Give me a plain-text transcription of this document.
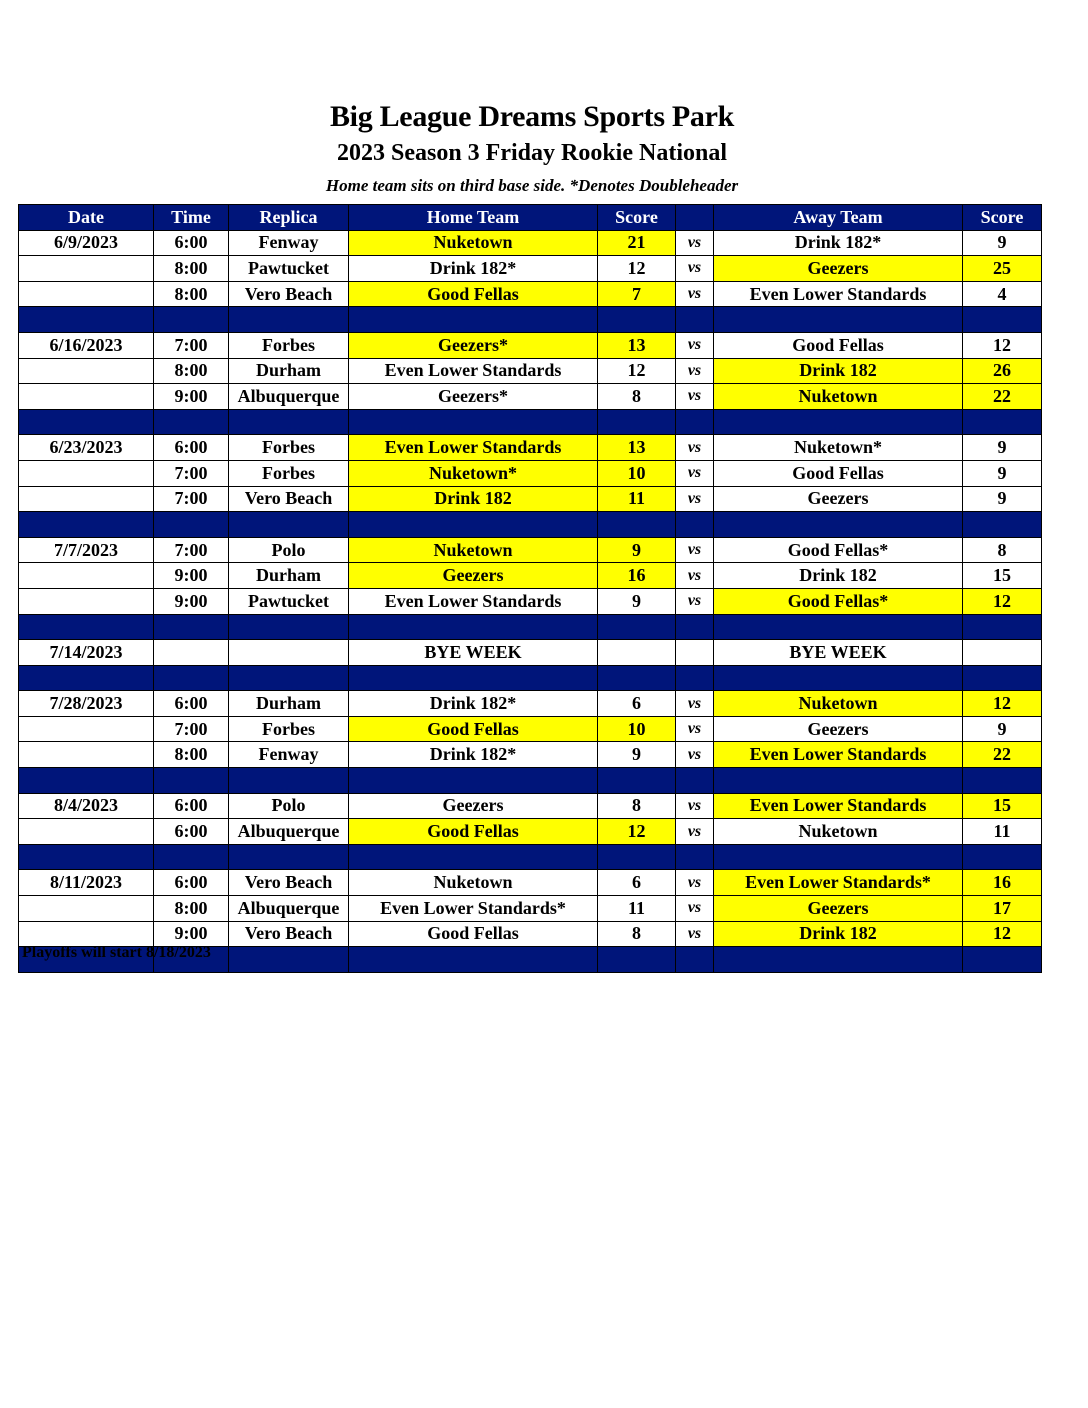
Big League Dreams Sports Park
2023 Season 3 Friday Rookie National

Home team sits on third base side. *Denotes Doubleheader

Date	Time	Replica	Home Team	Score		Away Team	Score
6/9/2023	6:00	Fenway	Nuketown	21	vs	Drink 182*	9
	8:00	Pawtucket	Drink 182*	12	vs	Geezers	25
	8:00	Vero Beach	Good Fellas	7	vs	Even Lower Standards	4

6/16/2023	7:00	Forbes	Geezers*	13	vs	Good Fellas	12
	8:00	Durham	Even Lower Standards	12	vs	Drink 182	26
	9:00	Albuquerque	Geezers*	8	vs	Nuketown	22

6/23/2023	6:00	Forbes	Even Lower Standards	13	vs	Nuketown*	9
	7:00	Forbes	Nuketown*	10	vs	Good Fellas	9
	7:00	Vero Beach	Drink 182	11	vs	Geezers	9

7/7/2023	7:00	Polo	Nuketown	9	vs	Good Fellas*	8
	9:00	Durham	Geezers	16	vs	Drink 182	15
	9:00	Pawtucket	Even Lower Standards	9	vs	Good Fellas*	12

7/14/2023			BYE WEEK			BYE WEEK	

7/28/2023	6:00	Durham	Drink 182*	6	vs	Nuketown	12
	7:00	Forbes	Good Fellas	10	vs	Geezers	9
	8:00	Fenway	Drink 182*	9	vs	Even Lower Standards	22

8/4/2023	6:00	Polo	Geezers	8	vs	Even Lower Standards	15
	6:00	Albuquerque	Good Fellas	12	vs	Nuketown	11

8/11/2023	6:00	Vero Beach	Nuketown	6	vs	Even Lower Standards*	16
	8:00	Albuquerque	Even Lower Standards*	11	vs	Geezers	17
	9:00	Vero Beach	Good Fellas	8	vs	Drink 182	12

Playoffs will start 8/18/2023
